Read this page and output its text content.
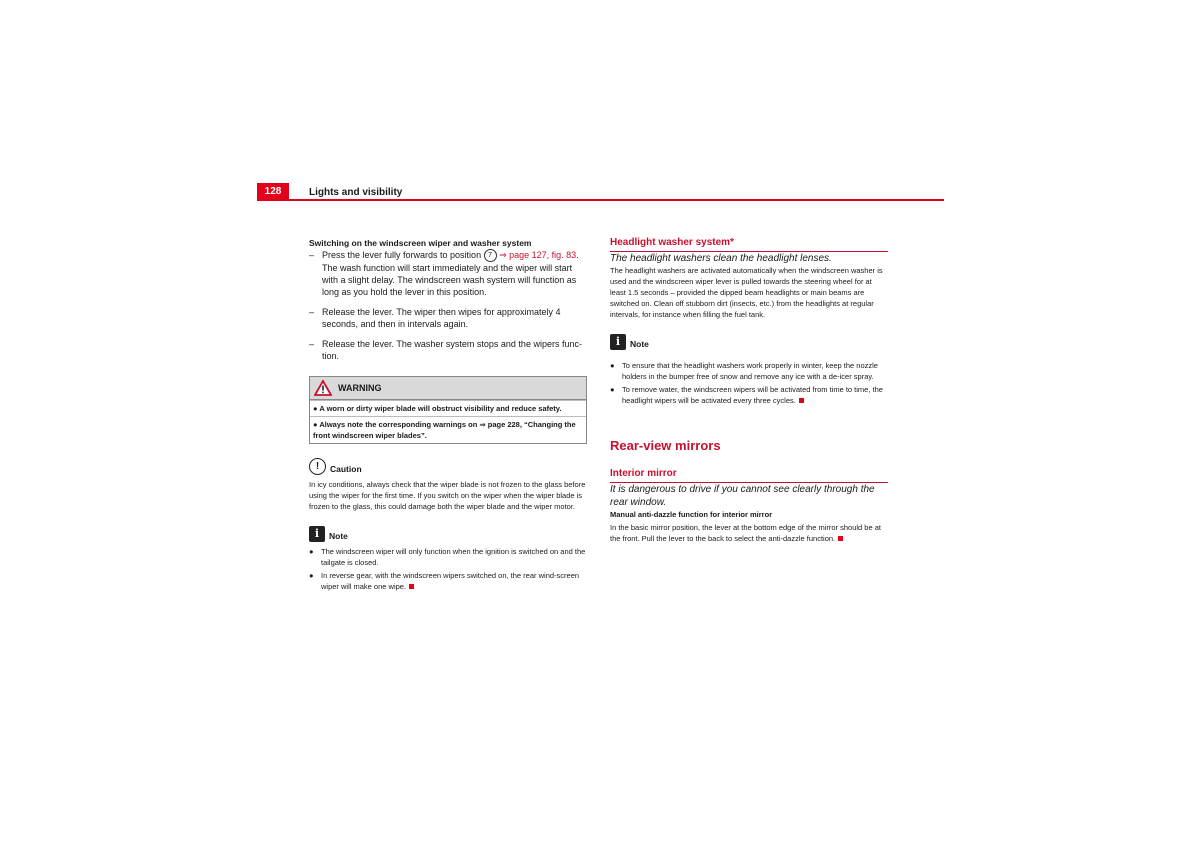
128	Lights and visibility

Switching on the windscreen wiper and washer system

– Press the lever fully forwards to position 7 ⇒ page 127, fig. 83. The wash function will start immediately and the wiper will start with a slight delay. The windscreen wash system will function as long as you hold the lever in this position.
– Release the lever. The wiper then wipes for approximately 4 seconds, and then in intervals again.
– Release the lever. The washer system stops and the wipers func-tion.
WARNING
● A worn or dirty wiper blade will obstruct visibility and reduce safety.
● Always note the corresponding warnings on ⇒ page 228, “Changing the front windscreen wiper blades”.
!	Caution

In icy conditions, always check that the wiper blade is not frozen to the glass before using the wiper for the first time. If you switch on the wiper when the wiper blade is frozen to the glass, this could damage both the wiper blade and the wiper motor.

i	Note
● The windscreen wiper will only function when the ignition is switched on and the tailgate is closed.
● In reverse gear, with the windscreen wipers switched on, the rear wind-screen wiper will make one wipe.
Headlight washer system*

The headlight washers clean the headlight lenses.

The headlight washers are activated automatically when the windscreen washer is used and the windscreen wiper lever is pulled towards the steering wheel for at least 1.5 seconds – provided the dipped beam headlights or main beams are switched on. Clean off stubborn dirt (insects, etc.) from the headlights at regular intervals, for instance when filling the fuel tank.

i	Note
● To ensure that the headlight washers work properly in winter, keep the nozzle holders in the bumper free of snow and remove any ice with a de-icer spray.
● To remove water, the windscreen wipers will be activated from time to time, the headlight wipers will be activated every three cycles.
Rear-view mirrors
Interior mirror

It is dangerous to drive if you cannot see clearly through the rear window.

Manual anti-dazzle function for interior mirror

In the basic mirror position, the lever at the bottom edge of the mirror should be at the front. Pull the lever to the back to select the anti-dazzle function.
